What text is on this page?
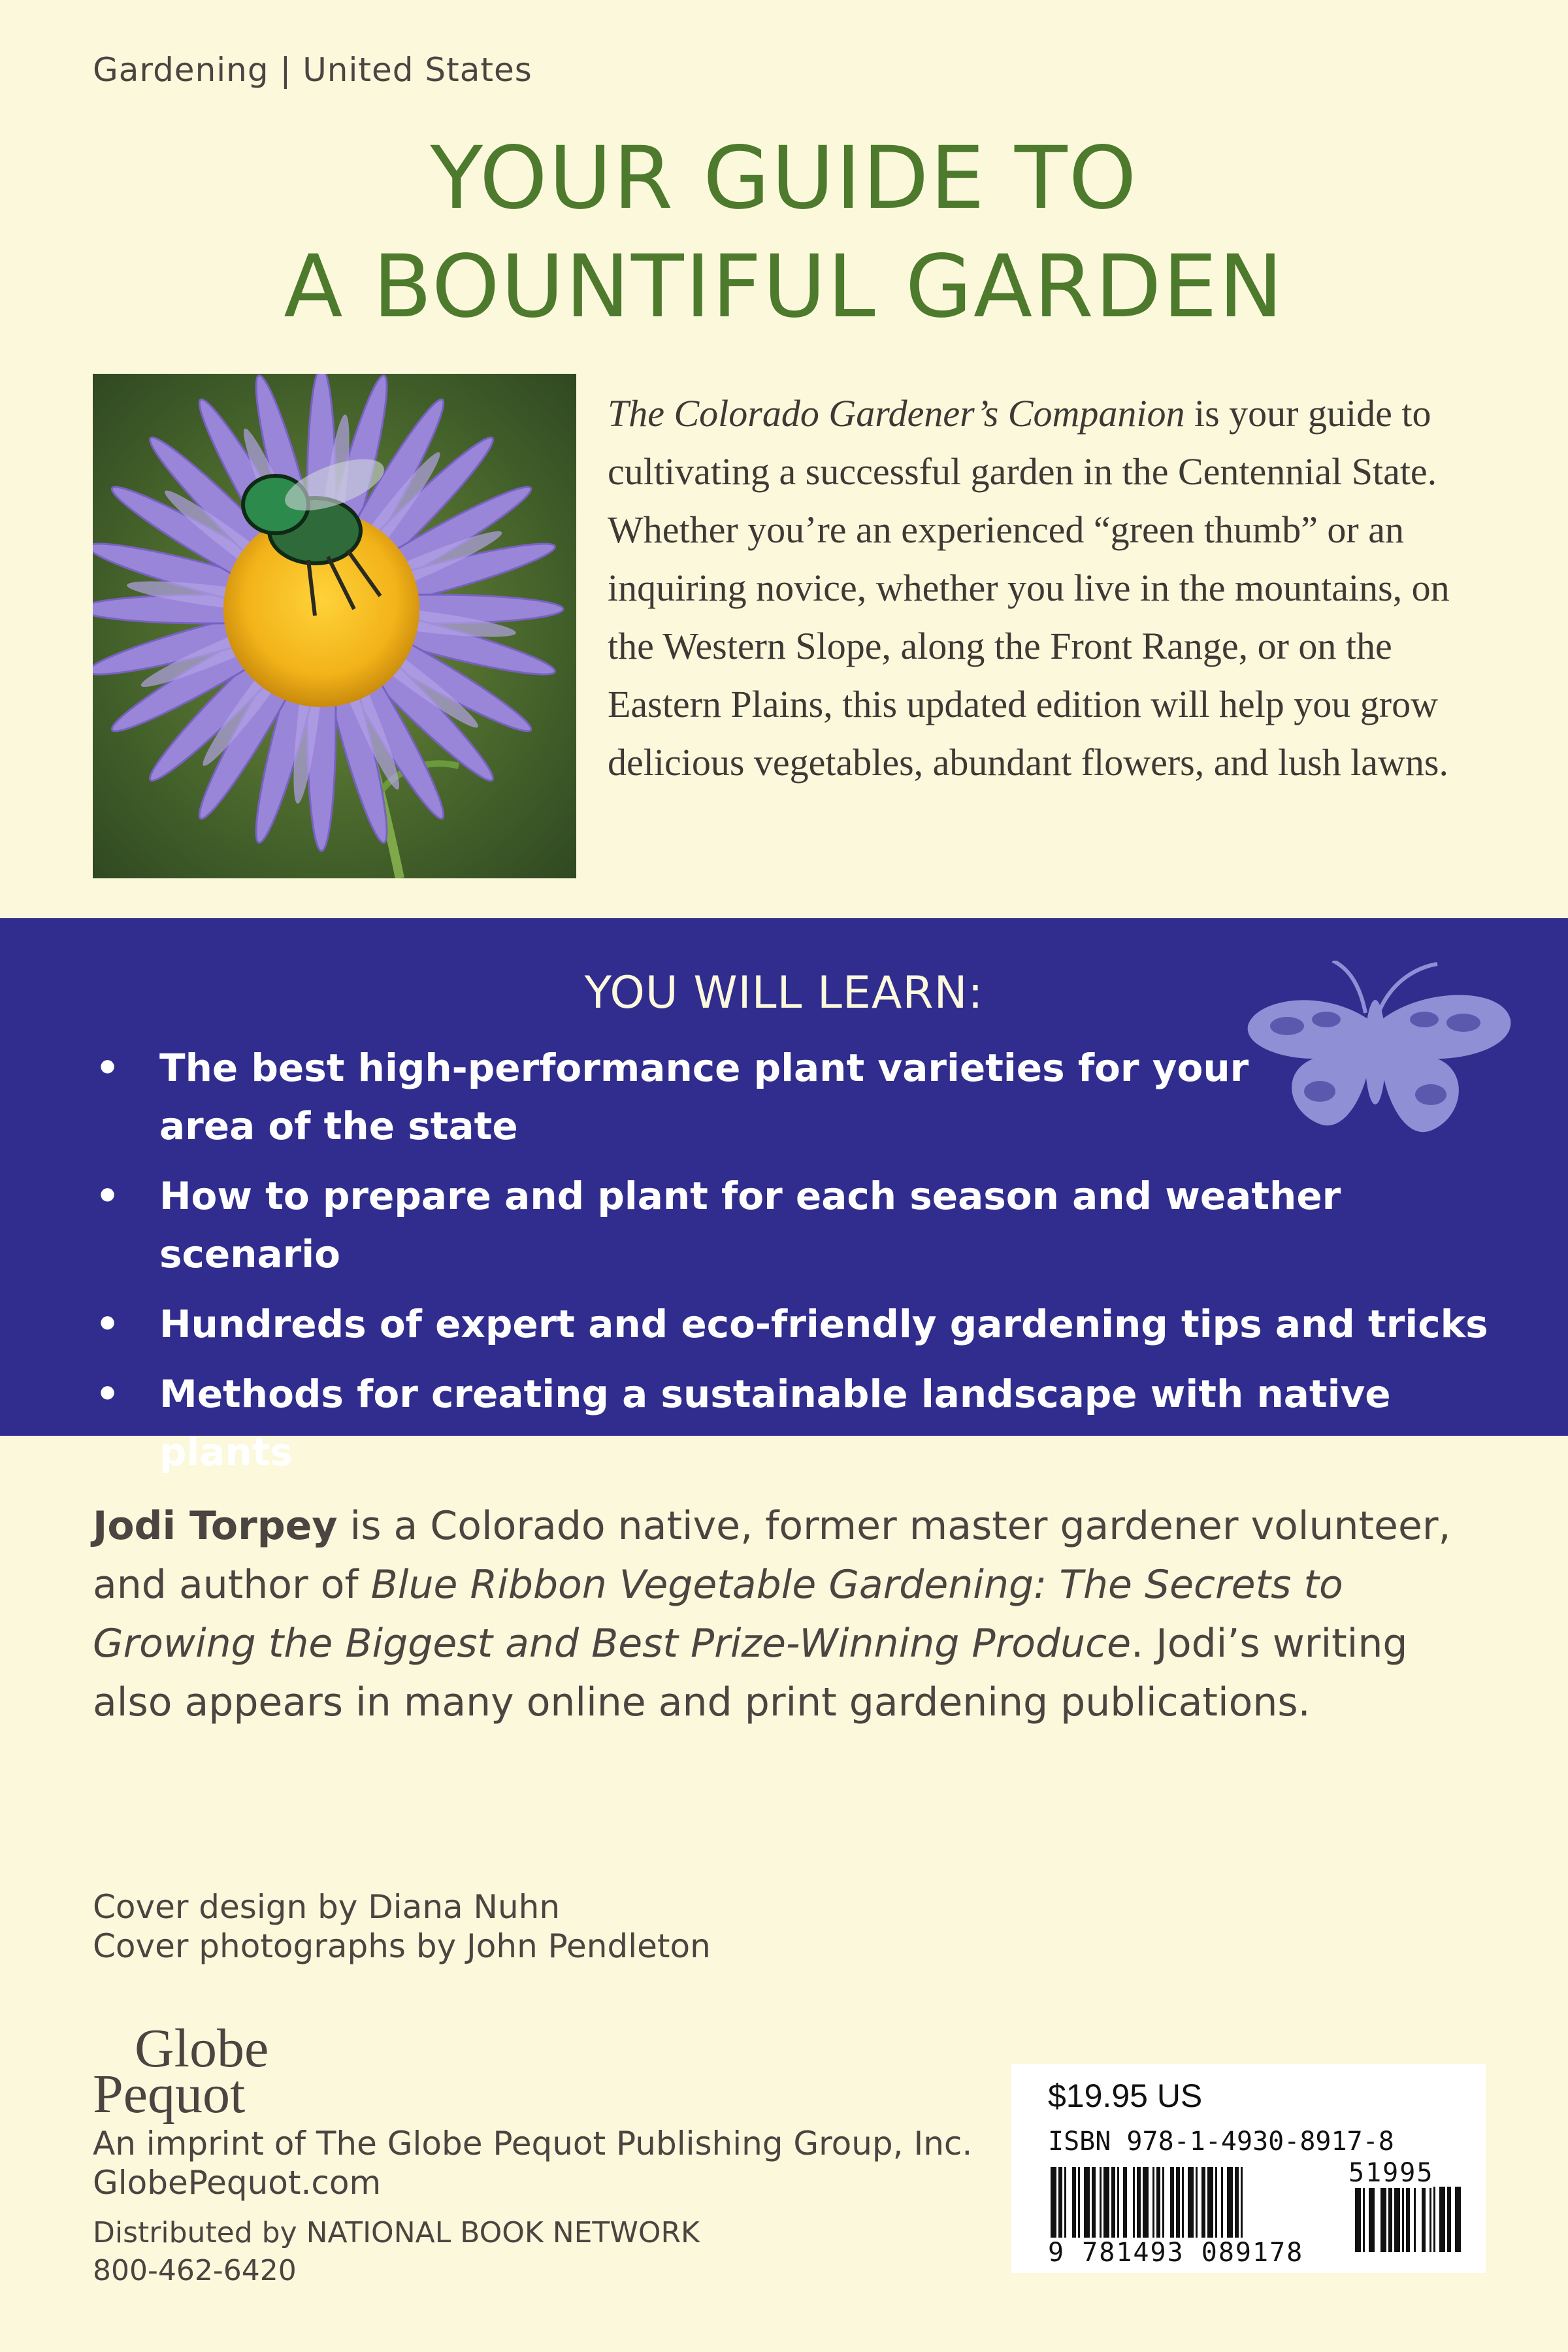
Gardening | United States
YOUR GUIDE TO
A BOUNTIFUL GARDEN
The Colorado Gardener’s Companion is your guide to cultivating a successful garden in the Centennial State. Whether you’re an experienced “green thumb” or an inquiring novice, whether you live in the mountains, on the Western Slope, along the Front Range, or on the Eastern Plains, this updated edition will help you grow delicious vegetables, abundant flowers, and lush lawns.
YOU WILL LEARN:
• The best high-performance plant varieties for your area of the state
• How to prepare and plant for each season and weather scenario
• Hundreds of expert and eco-friendly gardening tips and tricks
• Methods for creating a sustainable landscape with native plants
Jodi Torpey is a Colorado native, former master gardener volunteer, and author of Blue Ribbon Vegetable Gardening: The Secrets to Growing the Biggest and Best Prize-Winning Produce. Jodi’s writing also appears in many online and print gardening publications.
Cover design by Diana Nuhn
Cover photographs by John Pendleton
Globe
Pequot
An imprint of The Globe Pequot Publishing Group, Inc.
GlobePequot.com
Distributed by NATIONAL BOOK NETWORK
800-462-6420
$19.95 US
ISBN 978-1-4930-8917-8
51995
9 781493 089178
